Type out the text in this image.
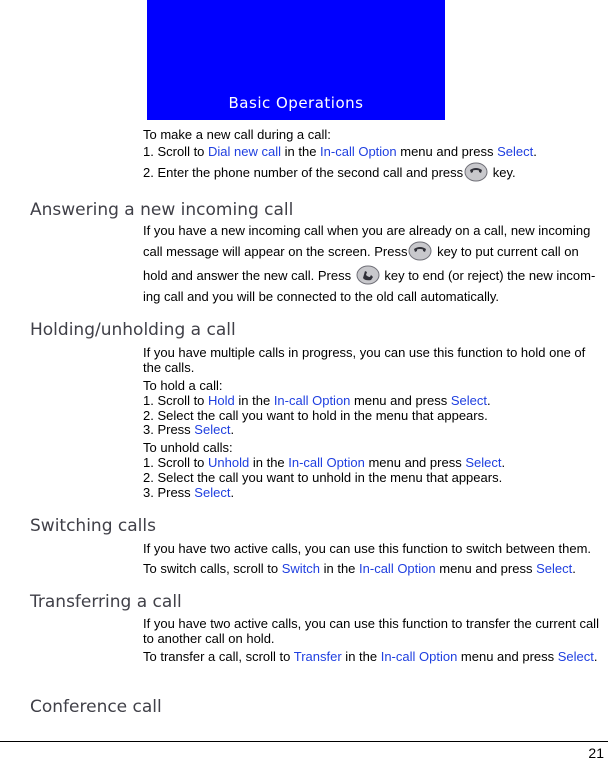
Basic Operations
To make a new call during a call:
1. Scroll to Dial new call in the In-call Option menu and press Select.
2. Enter the phone number of the second call and press
key.
Answering a new incoming call
If you have a new incoming call when you are already on a call, new incoming
call message will appear on the screen. Press
key to put current call on
hold and answer the new call. Press
key to end (or reject) the new incom-
ing call and you will be connected to the old call automatically.
Holding/unholding a call
If you have multiple calls in progress, you can use this function to hold one of the calls.
To hold a call:
1. Scroll to Hold in the In-call Option menu and press Select.
2. Select the call you want to hold in the menu that appears.
3. Press Select.
To unhold calls:
1. Scroll to Unhold in the In-call Option menu and press Select.
2. Select the call you want to unhold in the menu that appears.
3. Press Select.
Switching calls
If you have two active calls, you can use this function to switch between them.
To switch calls, scroll to Switch in the In-call Option menu and press Select.
Transferring a call
If you have two active calls, you can use this function to transfer the current call to another call on hold.
To transfer a call, scroll to Transfer in the In-call Option menu and press Select.
Conference call
21
